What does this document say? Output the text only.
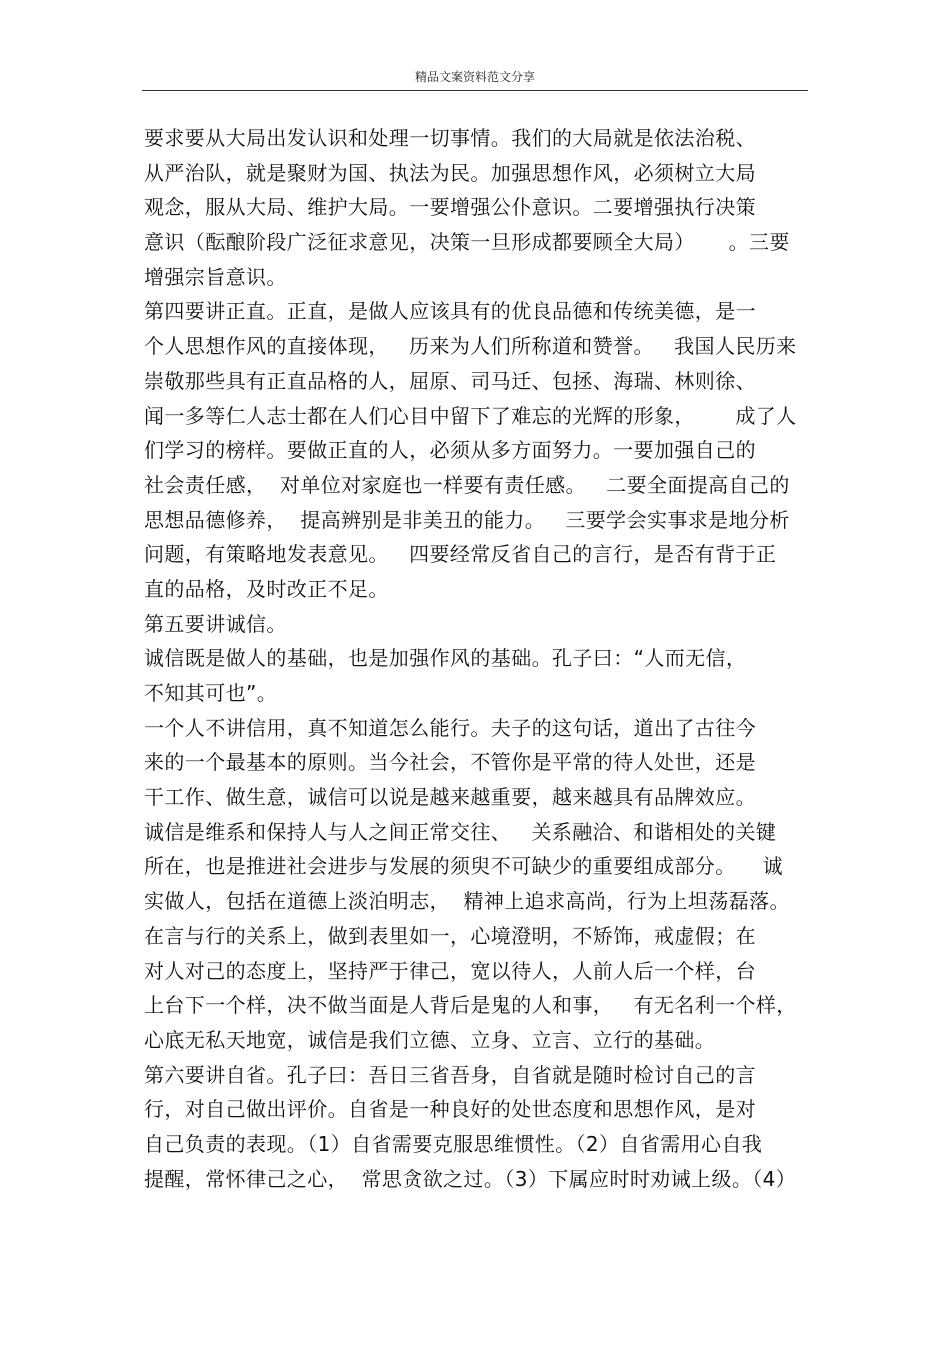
精品文案资料范文分享
要求要从大局出发认识和处理一切事情。我们的大局就是依法治税、
从严治队，就是聚财为国、执法为民。加强思想作风，必须树立大局
观念，服从大局、维护大局。一要增强公仆意识。二要增强执行决策
意识（酝酿阶段广泛征求意见，决策一旦形成都要顾全大局）     。三要
增强宗旨意识。
第四要讲正直。正直，是做人应该具有的优良品德和传统美德，是一
个人思想作风的直接体现，   历来为人们所称道和赞誉。   我国人民历来
崇敬那些具有正直品格的人，屈原、司马迁、包拯、海瑞、林则徐、
闻一多等仁人志士都在人们心目中留下了难忘的光辉的形象，      成了人
们学习的榜样。要做正直的人，必须从多方面努力。一要加强自己的
社会责任感，  对单位对家庭也一样要有责任感。   二要全面提高自己的
思想品德修养，  提高辨别是非美丑的能力。   三要学会实事求是地分析
问题，有策略地发表意见。   四要经常反省自己的言行，是否有背于正
直的品格，及时改正不足。
第五要讲诚信。
诚信既是做人的基础，也是加强作风的基础。孔子曰：“人而无信，
不知其可也”。
一个人不讲信用，真不知道怎么能行。夫子的这句话，道出了古往今
来的一个最基本的原则。当今社会，不管你是平常的待人处世，还是
干工作、做生意，诚信可以说是越来越重要，越来越具有品牌效应。
诚信是维系和保持人与人之间正常交往、   关系融洽、和谐相处的关键
所在，也是推进社会进步与发展的须臾不可缺少的重要组成部分。    诚
实做人，包括在道德上淡泊明志，  精神上追求高尚，行为上坦荡磊落。
在言与行的关系上，做到表里如一，心境澄明，不矫饰，戒虚假；在
对人对己的态度上，坚持严于律己，宽以待人，人前人后一个样，台
上台下一个样，决不做当面是人背后是鬼的人和事，   有无名利一个样，
心底无私天地宽，诚信是我们立德、立身、立言、立行的基础。
第六要讲自省。孔子曰：吾日三省吾身，自省就是随时检讨自己的言
行，对自己做出评价。自省是一种良好的处世态度和思想作风，是对
自己负责的表现。（1）自省需要克服思维惯性。（2）自省需用心自我
提醒，常怀律己之心，  常思贪欲之过。（3）下属应时时劝诫上级。（4）
